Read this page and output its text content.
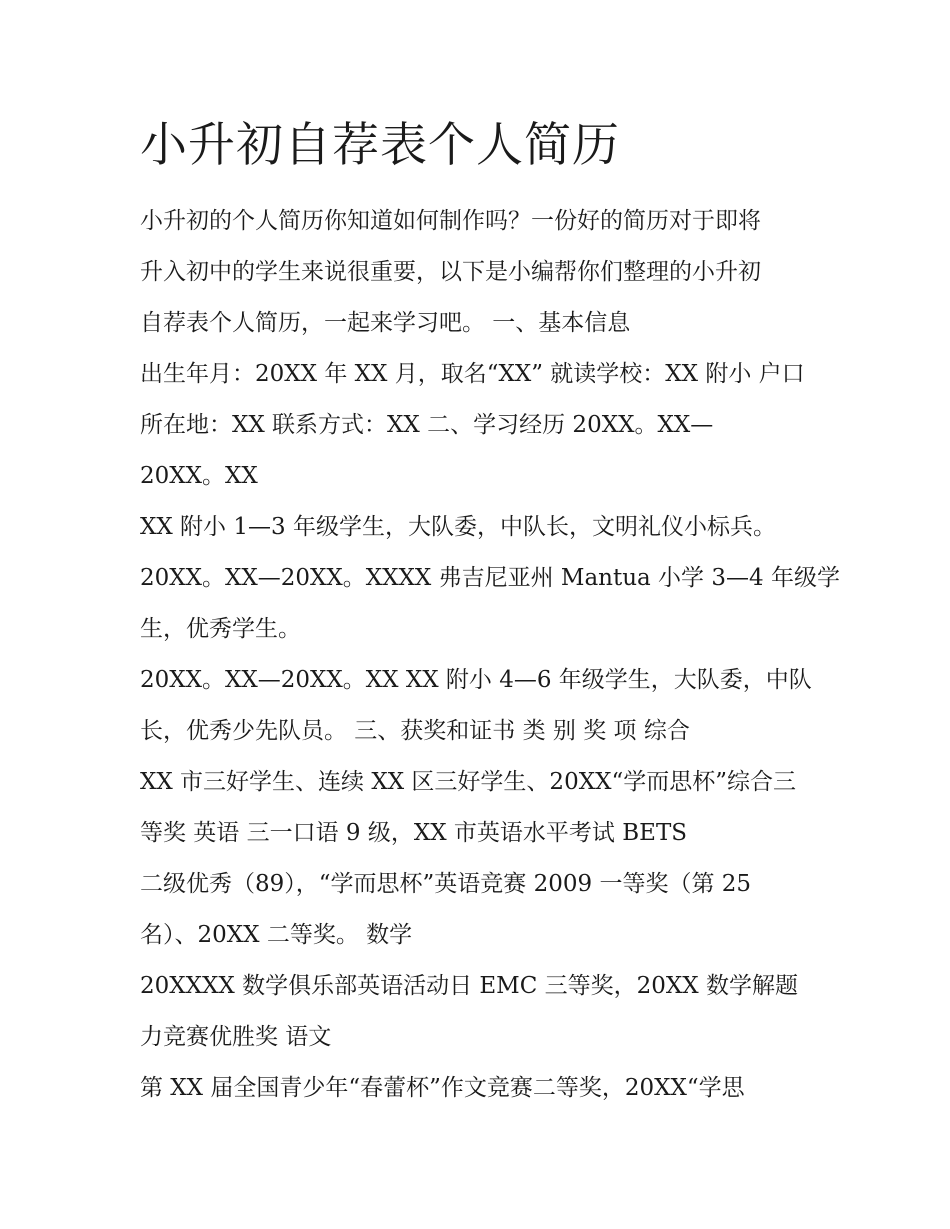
小升初自荐表个人简历
小升初的个人简历你知道如何制作吗？一份好的简历对于即将
升入初中的学生来说很重要，以下是小编帮你们整理的小升初
自荐表个人简历，一起来学习吧。 一、基本信息
出生年月：20XX 年 XX 月，取名“XX” 就读学校：XX 附小 户口
所在地：XX 联系方式：XX 二、学习经历 20XX。XX—
20XX。XX
XX 附小 1—3 年级学生，大队委，中队长，文明礼仪小标兵。
20XX。XX—20XX。XXXX 弗吉尼亚州 Mantua 小学 3—4 年级学
生，优秀学生。
20XX。XX—20XX。XX XX 附小 4—6 年级学生，大队委，中队
长，优秀少先队员。 三、获奖和证书 类 别 奖 项 综合
XX 市三好学生、连续 XX 区三好学生、20XX“学而思杯”综合三
等奖 英语 三一口语 9 级，XX 市英语水平考试 BETS
二级优秀（89），“学而思杯”英语竞赛 2009 一等奖（第 25
名）、20XX 二等奖。 数学
20XXXX 数学俱乐部英语活动日 EMC 三等奖，20XX 数学解题
力竞赛优胜奖 语文
第 XX 届全国青少年“春蕾杯”作文竞赛二等奖，20XX“学思
